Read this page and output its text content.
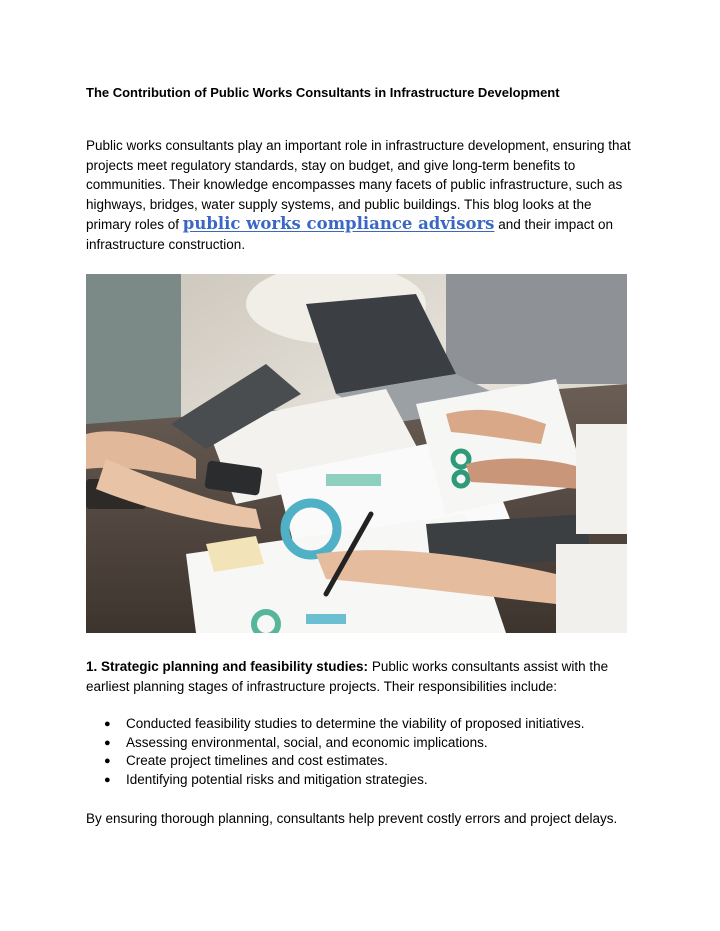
The Contribution of Public Works Consultants in Infrastructure Development
Public works consultants play an important role in infrastructure development, ensuring that projects meet regulatory standards, stay on budget, and give long-term benefits to communities. Their knowledge encompasses many facets of public infrastructure, such as highways, bridges, water supply systems, and public buildings. This blog looks at the primary roles of public works compliance advisors and their impact on infrastructure construction.
1. Strategic planning and feasibility studies: Public works consultants assist with the earliest planning stages of infrastructure projects. Their responsibilities include:
● Conducted feasibility studies to determine the viability of proposed initiatives.
● Assessing environmental, social, and economic implications.
● Create project timelines and cost estimates.
● Identifying potential risks and mitigation strategies.
By ensuring thorough planning, consultants help prevent costly errors and project delays.
